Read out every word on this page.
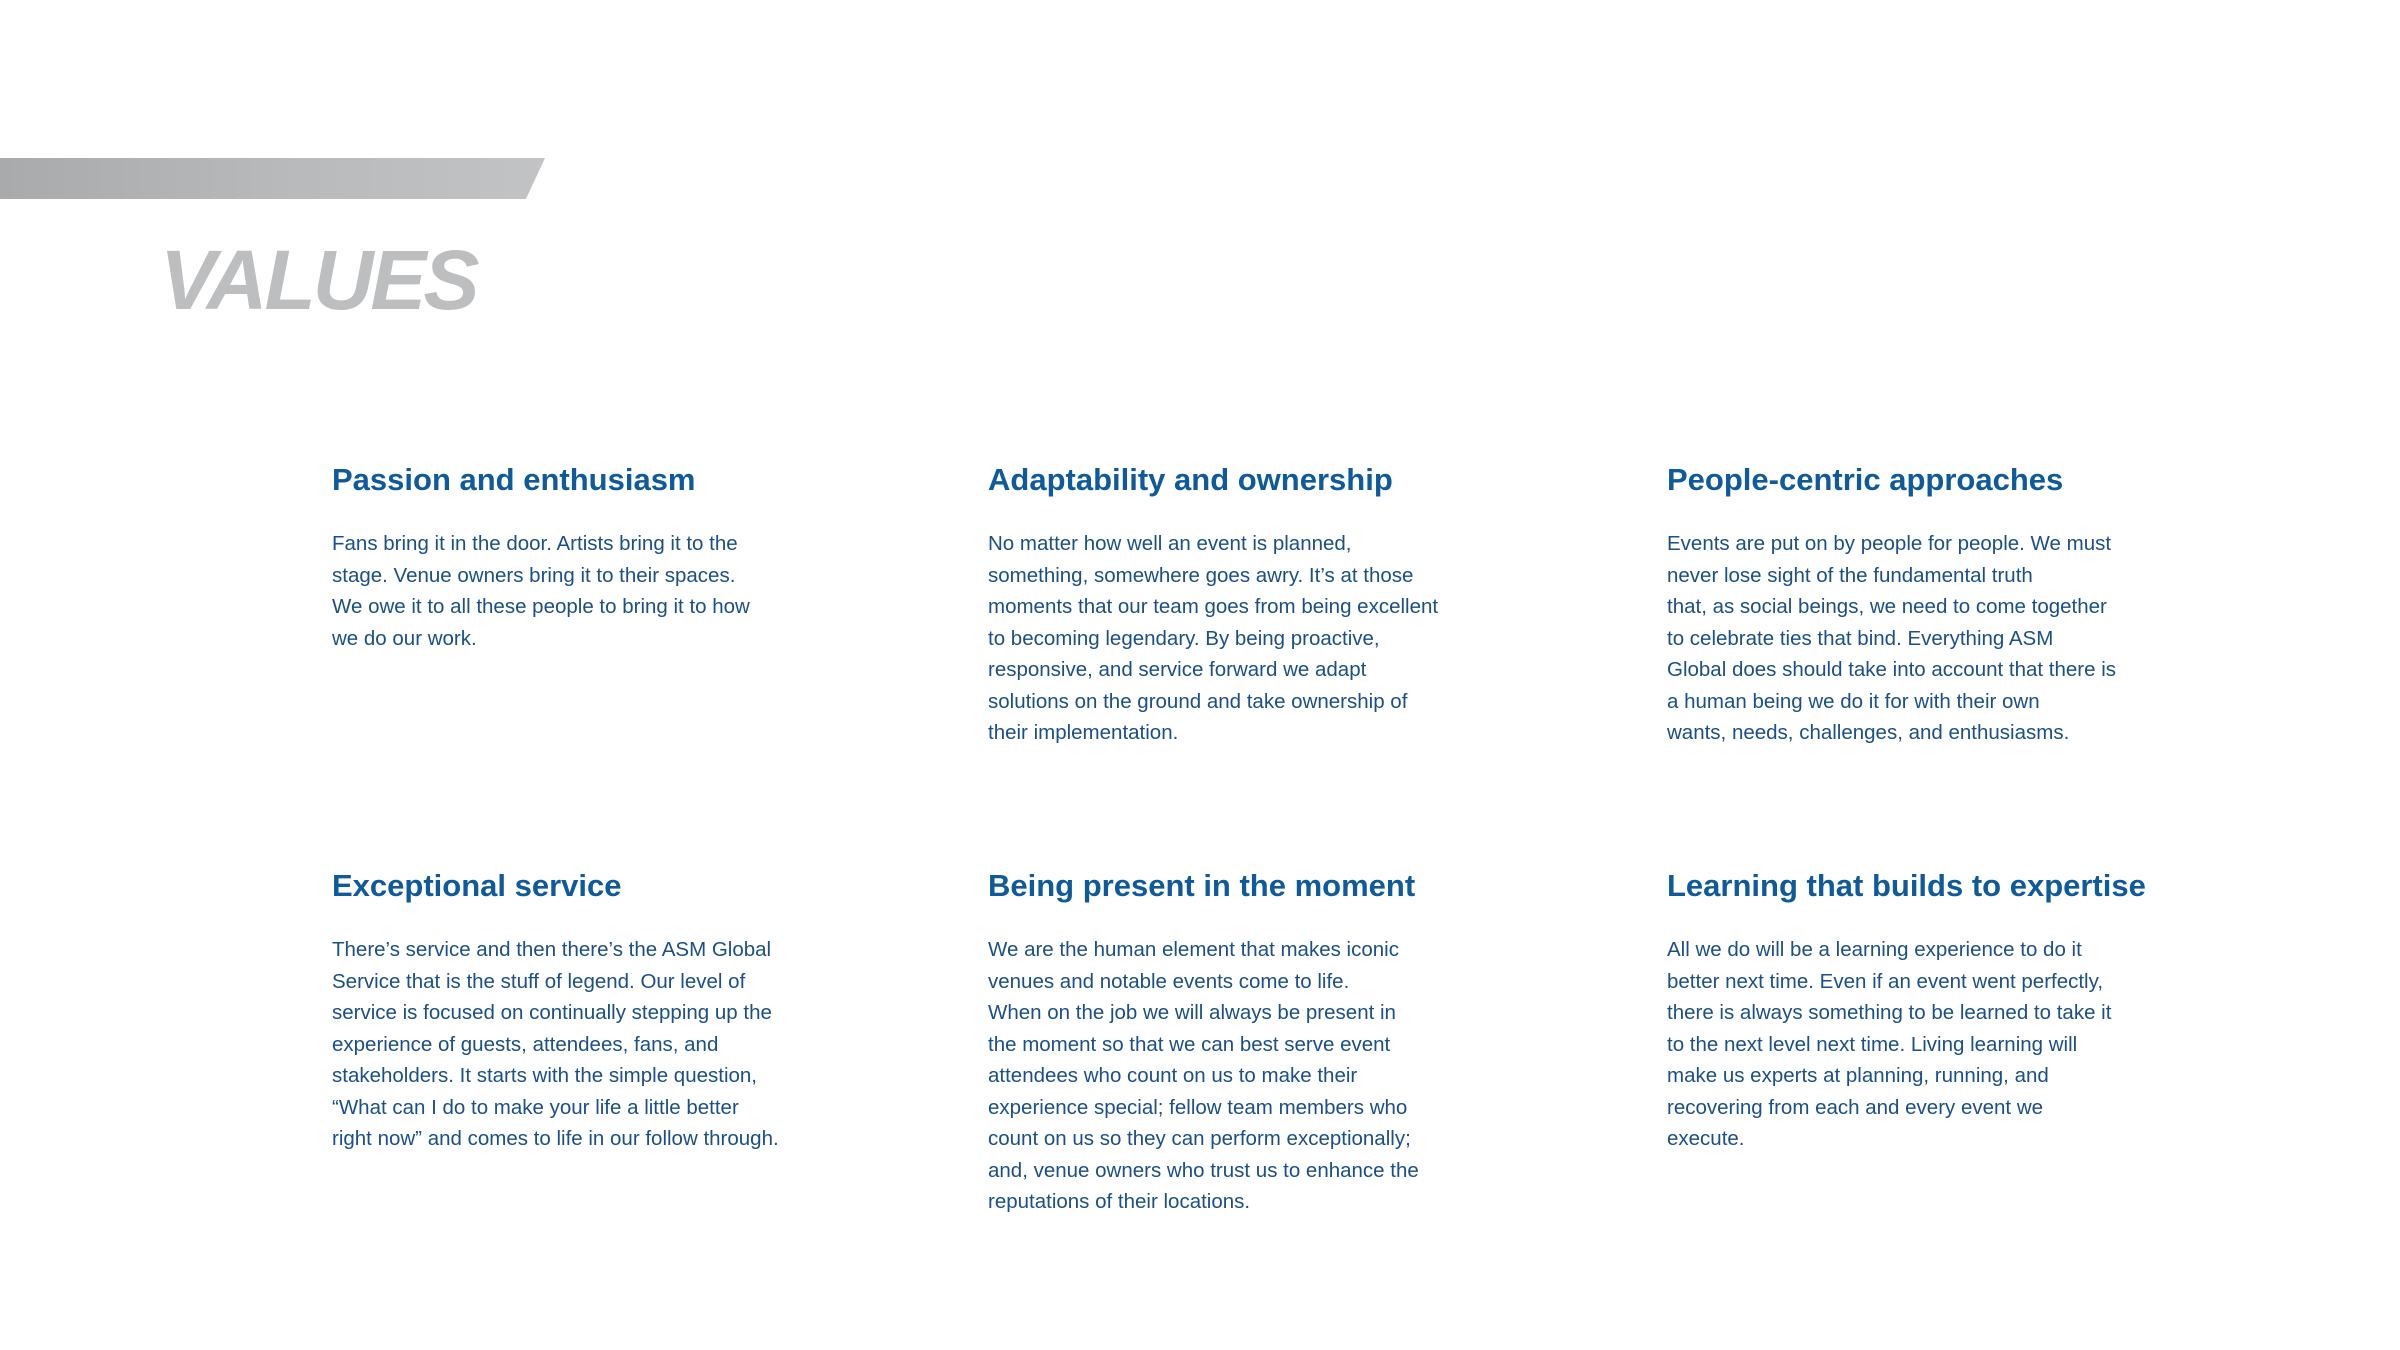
VALUES
Passion and enthusiasm

Fans bring it in the door. Artists bring it to the
stage. Venue owners bring it to their spaces.
We owe it to all these people to bring it to how
we do our work.

Adaptability and ownership

No matter how well an event is planned,
something, somewhere goes awry. It’s at those
moments that our team goes from being excellent
to becoming legendary. By being proactive,
responsive, and service forward we adapt
solutions on the ground and take ownership of
their implementation.

People-centric approaches

Events are put on by people for people. We must
never lose sight of the fundamental truth
that, as social beings, we need to come together
to celebrate ties that bind. Everything ASM
Global does should take into account that there is
a human being we do it for with their own
wants, needs, challenges, and enthusiasms.

Exceptional service

There’s service and then there’s the ASM Global
Service that is the stuff of legend. Our level of
service is focused on continually stepping up the
experience of guests, attendees, fans, and
stakeholders. It starts with the simple question,
“What can I do to make your life a little better
right now” and comes to life in our follow through.

Being present in the moment

We are the human element that makes iconic
venues and notable events come to life.
When on the job we will always be present in
the moment so that we can best serve event
attendees who count on us to make their
experience special; fellow team members who
count on us so they can perform exceptionally;
and, venue owners who trust us to enhance the
reputations of their locations.

Learning that builds to expertise

All we do will be a learning experience to do it
better next time. Even if an event went perfectly,
there is always something to be learned to take it
to the next level next time. Living learning will
make us experts at planning, running, and
recovering from each and every event we
execute.
